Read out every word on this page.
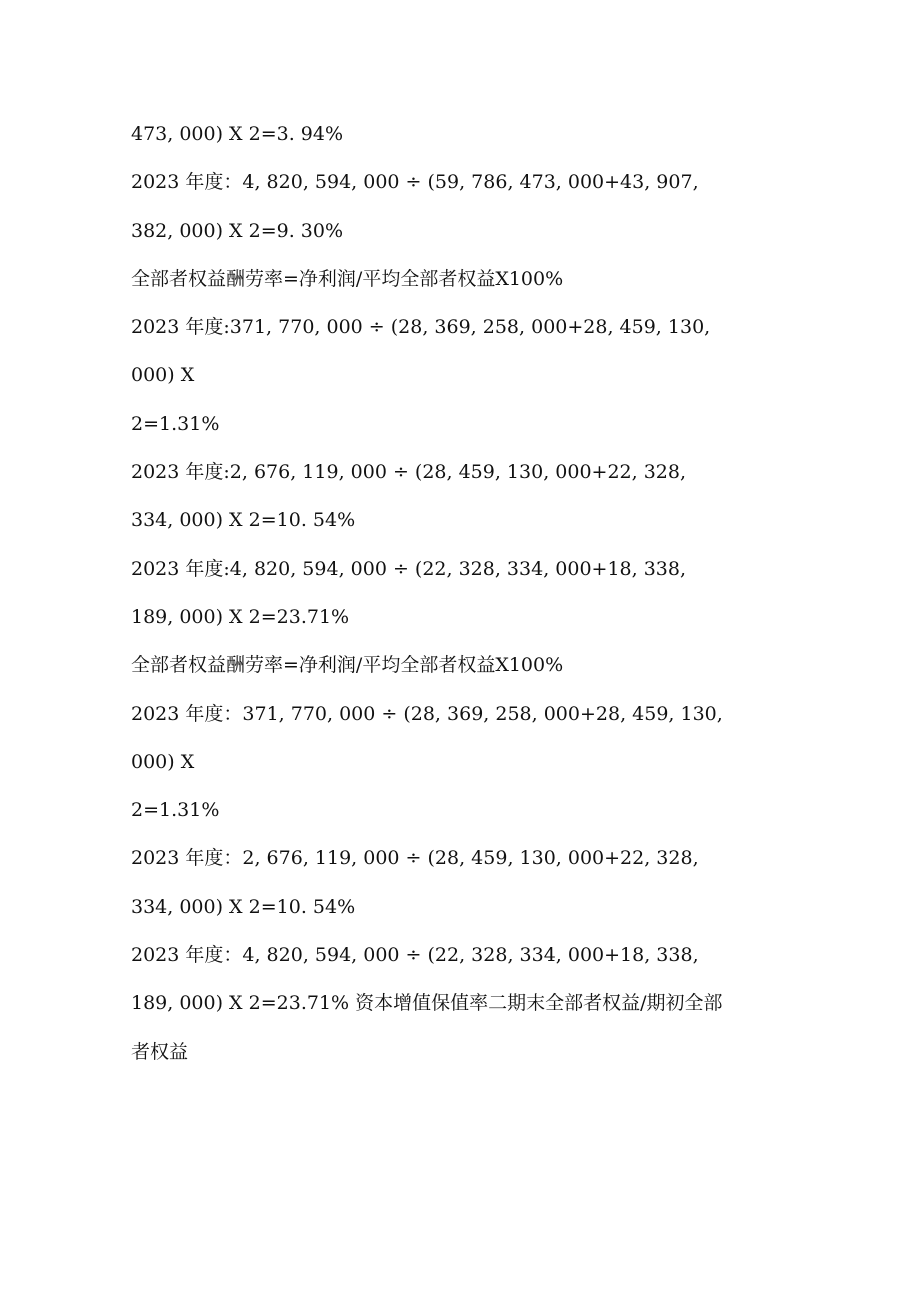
473, 000) X 2=3. 94%

2023 年度：4, 820, 594, 000 ÷ (59, 786, 473, 000+43, 907,

382, 000) X 2=9. 30%

全部者权益酬劳率=净利润/平均全部者权益X100%

2023 年度:371, 770, 000 ÷ (28, 369, 258, 000+28, 459, 130,

000) X

2=1.31%

2023 年度:2, 676, 119, 000 ÷ (28, 459, 130, 000+22, 328,

334, 000) X 2=10. 54%

2023 年度:4, 820, 594, 000 ÷ (22, 328, 334, 000+18, 338,

189, 000) X 2=23.71%

全部者权益酬劳率=净利润/平均全部者权益X100%

2023 年度：371, 770, 000 ÷ (28, 369, 258, 000+28, 459, 130,

000) X

2=1.31%

2023 年度：2, 676, 119, 000 ÷ (28, 459, 130, 000+22, 328,

334, 000) X 2=10. 54%

2023 年度：4, 820, 594, 000 ÷ (22, 328, 334, 000+18, 338,

189, 000) X 2=23.71% 资本增值保值率二期末全部者权益/期初全部

者权益
